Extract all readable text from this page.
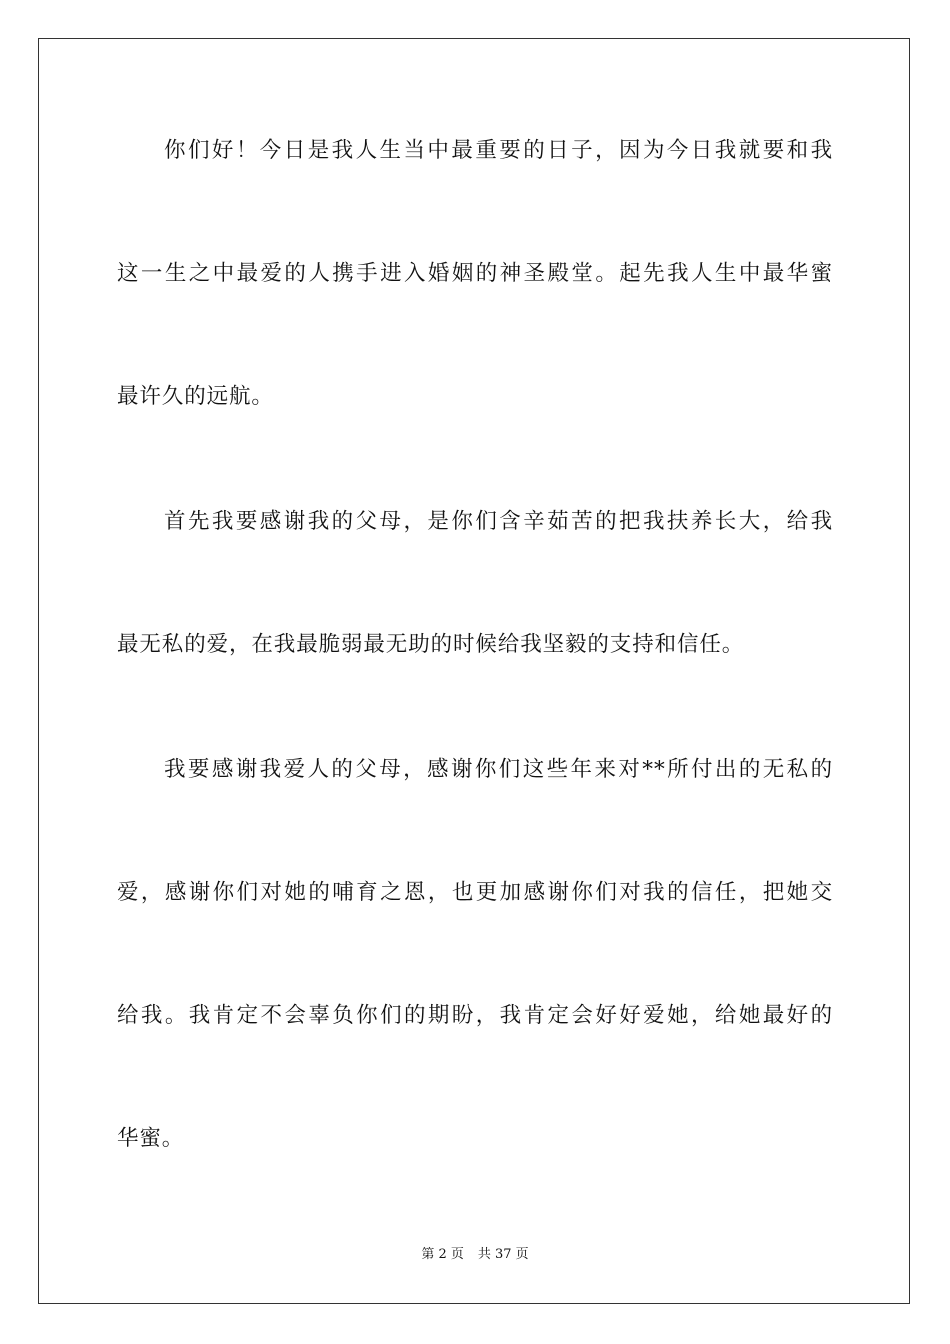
你们好！今日是我人生当中最重要的日子，因为今日我就要和我
这一生之中最爱的人携手进入婚姻的神圣殿堂。起先我人生中最华蜜
最许久的远航。
首先我要感谢我的父母，是你们含辛茹苦的把我扶养长大，给我
最无私的爱，在我最脆弱最无助的时候给我坚毅的支持和信任。
我要感谢我爱人的父母，感谢你们这些年来对**所付出的无私的
爱，感谢你们对她的哺育之恩，也更加感谢你们对我的信任，把她交
给我。我肯定不会辜负你们的期盼，我肯定会好好爱她，给她最好的
华蜜。
第 2 页 共 37 页
